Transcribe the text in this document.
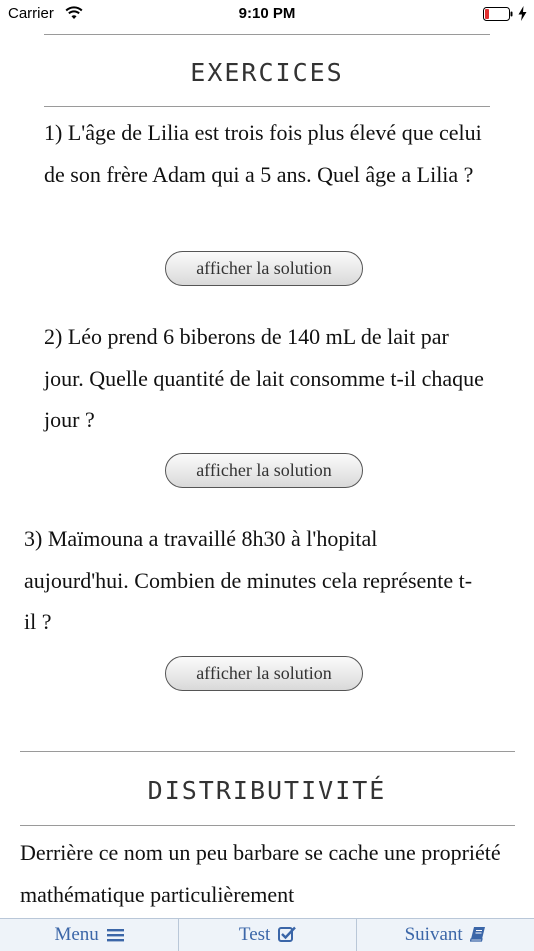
Carrier	9:10 PM
EXERCICES
1) L'âge de Lilia est trois fois plus élevé que celui de son frère Adam qui a 5 ans. Quel âge a Lilia ?
afficher la solution
2) Léo prend 6 biberons de 140 mL de lait par jour. Quelle quantité de lait consomme t-il chaque jour ?
afficher la solution
3) Maïmouna a travaillé 8h30 à l'hopital aujourd'hui. Combien de minutes cela représente t-il ?
afficher la solution
DISTRIBUTIVITÉ
Derrière ce nom un peu barbare se cache une propriété mathématique particulièrement
Menu	Test	Suivant
